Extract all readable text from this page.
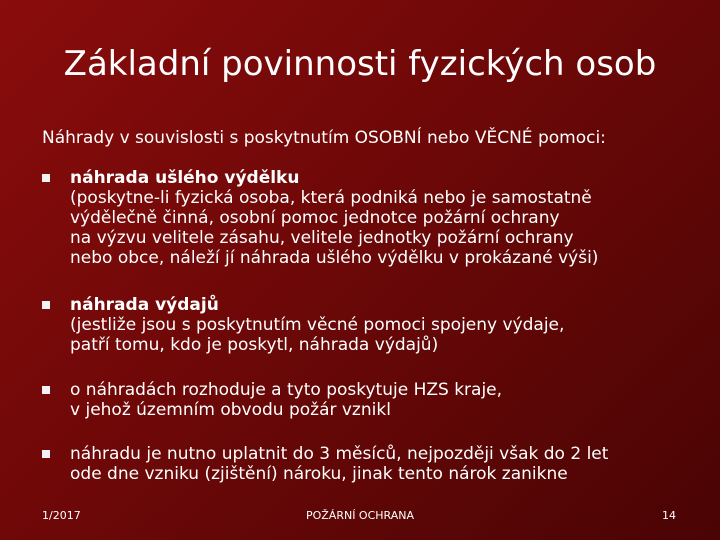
Základní povinnosti fyzických osob
Náhrady v souvislosti s poskytnutím OSOBNÍ nebo VĚCNÉ pomoci:
náhrada ušlého výdělku
(poskytne-li fyzická osoba, která podniká nebo je samostatně
výdělečně činná, osobní pomoc jednotce požární ochrany
na výzvu velitele zásahu, velitele jednotky požární ochrany
nebo obce, náleží jí náhrada ušlého výdělku v prokázané výši)
náhrada výdajů
(jestliže jsou s poskytnutím věcné pomoci spojeny výdaje,
patří tomu, kdo je poskytl, náhrada výdajů)
o náhradách rozhoduje a tyto poskytuje HZS kraje,
v jehož územním obvodu požár vznikl
náhradu je nutno uplatnit do 3 měsíců, nejpozději však do 2 let
ode dne vzniku (zjištění) nároku, jinak tento nárok zanikne
1/2017	POŽÁRNÍ OCHRANA	14
